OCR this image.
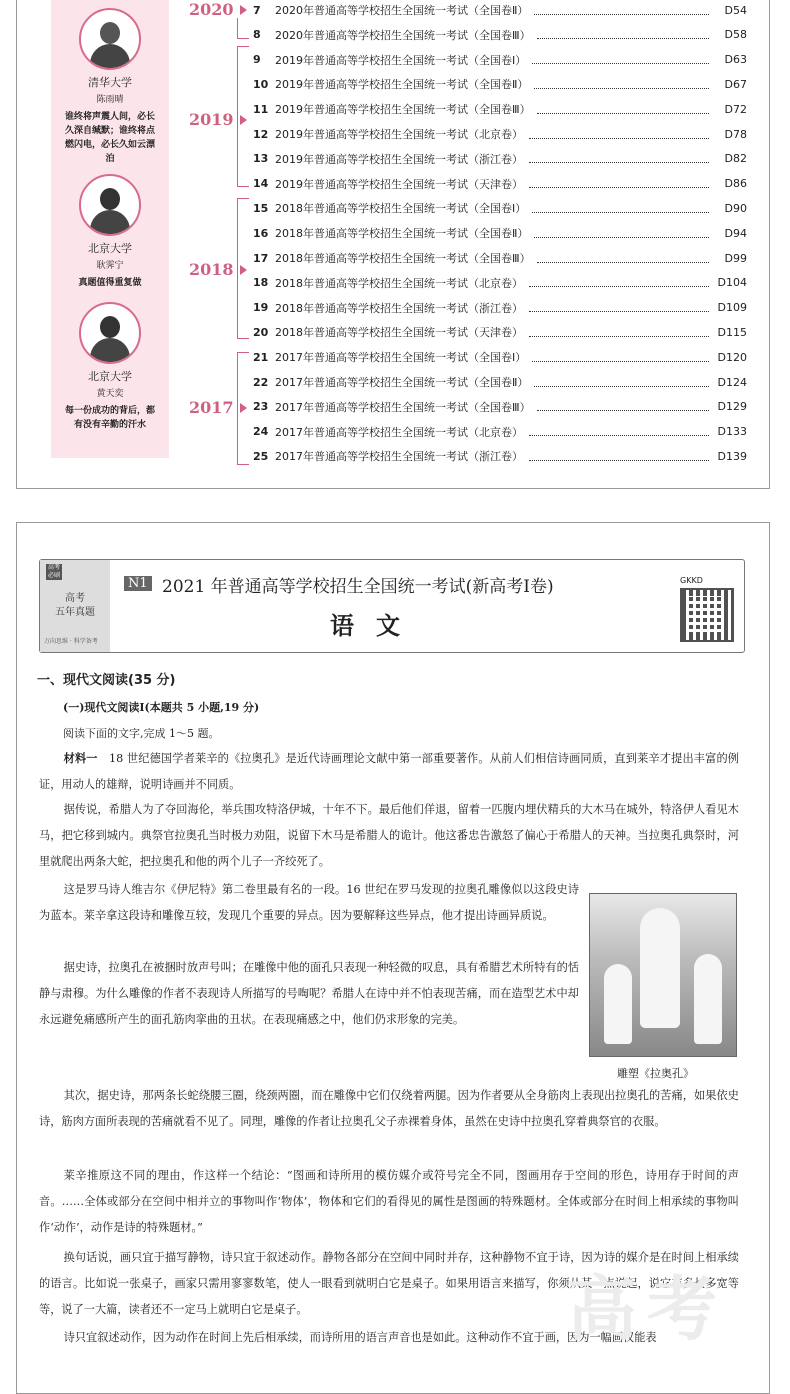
清华大学
陈雨晴
谁终将声震人间，必长久深自缄默；谁终将点燃闪电，必长久如云漂泊
北京大学
耿霁宁
真题值得重复做
北京大学
黄天奕
每一份成功的背后，都有没有辛勤的汗水
2020
2019
2018
2017
7	2020年普通高等学校招生全国统一考试（全国卷Ⅱ）	D54
8	2020年普通高等学校招生全国统一考试（全国卷Ⅲ）	D58
9	2019年普通高等学校招生全国统一考试（全国卷Ⅰ）	D63
10 2019年普通高等学校招生全国统一考试（全国卷Ⅱ）	D67
11 2019年普通高等学校招生全国统一考试（全国卷Ⅲ）	D72
12 2019年普通高等学校招生全国统一考试（北京卷）	D78
13 2019年普通高等学校招生全国统一考试（浙江卷）	D82
14 2019年普通高等学校招生全国统一考试（天津卷）	D86
15 2018年普通高等学校招生全国统一考试（全国卷Ⅰ）	D90
16 2018年普通高等学校招生全国统一考试（全国卷Ⅱ）	D94
17 2018年普通高等学校招生全国统一考试（全国卷Ⅲ）	D99
18 2018年普通高等学校招生全国统一考试（北京卷）	D104
19 2018年普通高等学校招生全国统一考试（浙江卷）	D109
20 2018年普通高等学校招生全国统一考试（天津卷）	D115
21 2017年普通高等学校招生全国统一考试（全国卷Ⅰ）	D120
22 2017年普通高等学校招生全国统一考试（全国卷Ⅱ）	D124
23 2017年普通高等学校招生全国统一考试（全国卷Ⅲ）	D129
24 2017年普通高等学校招生全国统一考试（北京卷）	D133
25 2017年普通高等学校招生全国统一考试（浙江卷）	D139
高考必刷
高考
五年真题
万向思维 · 科学备考
N1 2021 年普通高等学校招生全国统一考试(新高考Ⅰ卷)
语文
GKKD
一、现代文阅读(35 分)
(一)现代文阅读Ⅰ(本题共 5 小题,19 分)
阅读下面的文字,完成 1～5 题。
材料一　 18 世纪德国学者莱辛的《拉奥孔》是近代诗画理论文献中第一部重要著作。从前人们相信诗画同质，直到莱辛才提出丰富的例证，用动人的雄辩，说明诗画并不同质。
据传说，希腊人为了夺回海伦，举兵围攻特洛伊城，十年不下。最后他们佯退，留着一匹腹内埋伏精兵的大木马在城外，特洛伊人看见木马，把它移到城内。典祭官拉奥孔当时极力劝阻，说留下木马是希腊人的诡计。他这番忠告激怒了偏心于希腊人的天神。当拉奥孔典祭时，河里就爬出两条大蛇，把拉奥孔和他的两个儿子一齐绞死了。
这是罗马诗人维吉尔《伊尼特》第二卷里最有名的一段。16 世纪在罗马发现的拉奥孔雕像似以这段史诗为蓝本。莱辛拿这段诗和雕像互较，发现几个重要的异点。因为要解释这些异点，他才提出诗画异质说。
据史诗，拉奥孔在被捆时放声号叫；在雕像中他的面孔只表现一种轻微的叹息，具有希腊艺术所特有的恬静与肃穆。为什么雕像的作者不表现诗人所描写的号啕呢？希腊人在诗中并不怕表现苦痛，而在造型艺术中却永远避免痛感所产生的面孔筋肉挛曲的丑状。在表现痛感之中，他们仍求形象的完美。
其次，据史诗，那两条长蛇绕腰三圈，绕颈两圈，而在雕像中它们仅绕着两腿。因为作者要从全身筋肉上表现出拉奥孔的苦痛，如果依史诗，筋肉方面所表现的苦痛就看不见了。同理，雕像的作者让拉奥孔父子赤裸着身体，虽然在史诗中拉奥孔穿着典祭官的衣服。
莱辛推原这不同的理由，作这样一个结论：“图画和诗所用的模仿媒介或符号完全不同，图画用存于空间的形色，诗用存于时间的声音。……全体或部分在空间中相并立的事物叫作‘物体’，物体和它们的看得见的属性是图画的特殊题材。全体或部分在时间上相承续的事物叫作‘动作’，动作是诗的特殊题材。”
换句话说，画只宜于描写静物，诗只宜于叙述动作。静物各部分在空间中同时并存，这种静物不宜于诗，因为诗的媒介是在时间上相承续的语言。比如说一张桌子，画家只需用寥寥数笔，使人一眼看到就明白它是桌子。如果用语言来描写，你须从某一点说起，说它有多长多宽等等，说了一大篇，读者还不一定马上就明白它是桌子。
诗只宜叙述动作，因为动作在时间上先后相承续，而诗所用的语言声音也是如此。这种动作不宜于画，因为一幅画仅能表
雕塑《拉奥孔》
高考
